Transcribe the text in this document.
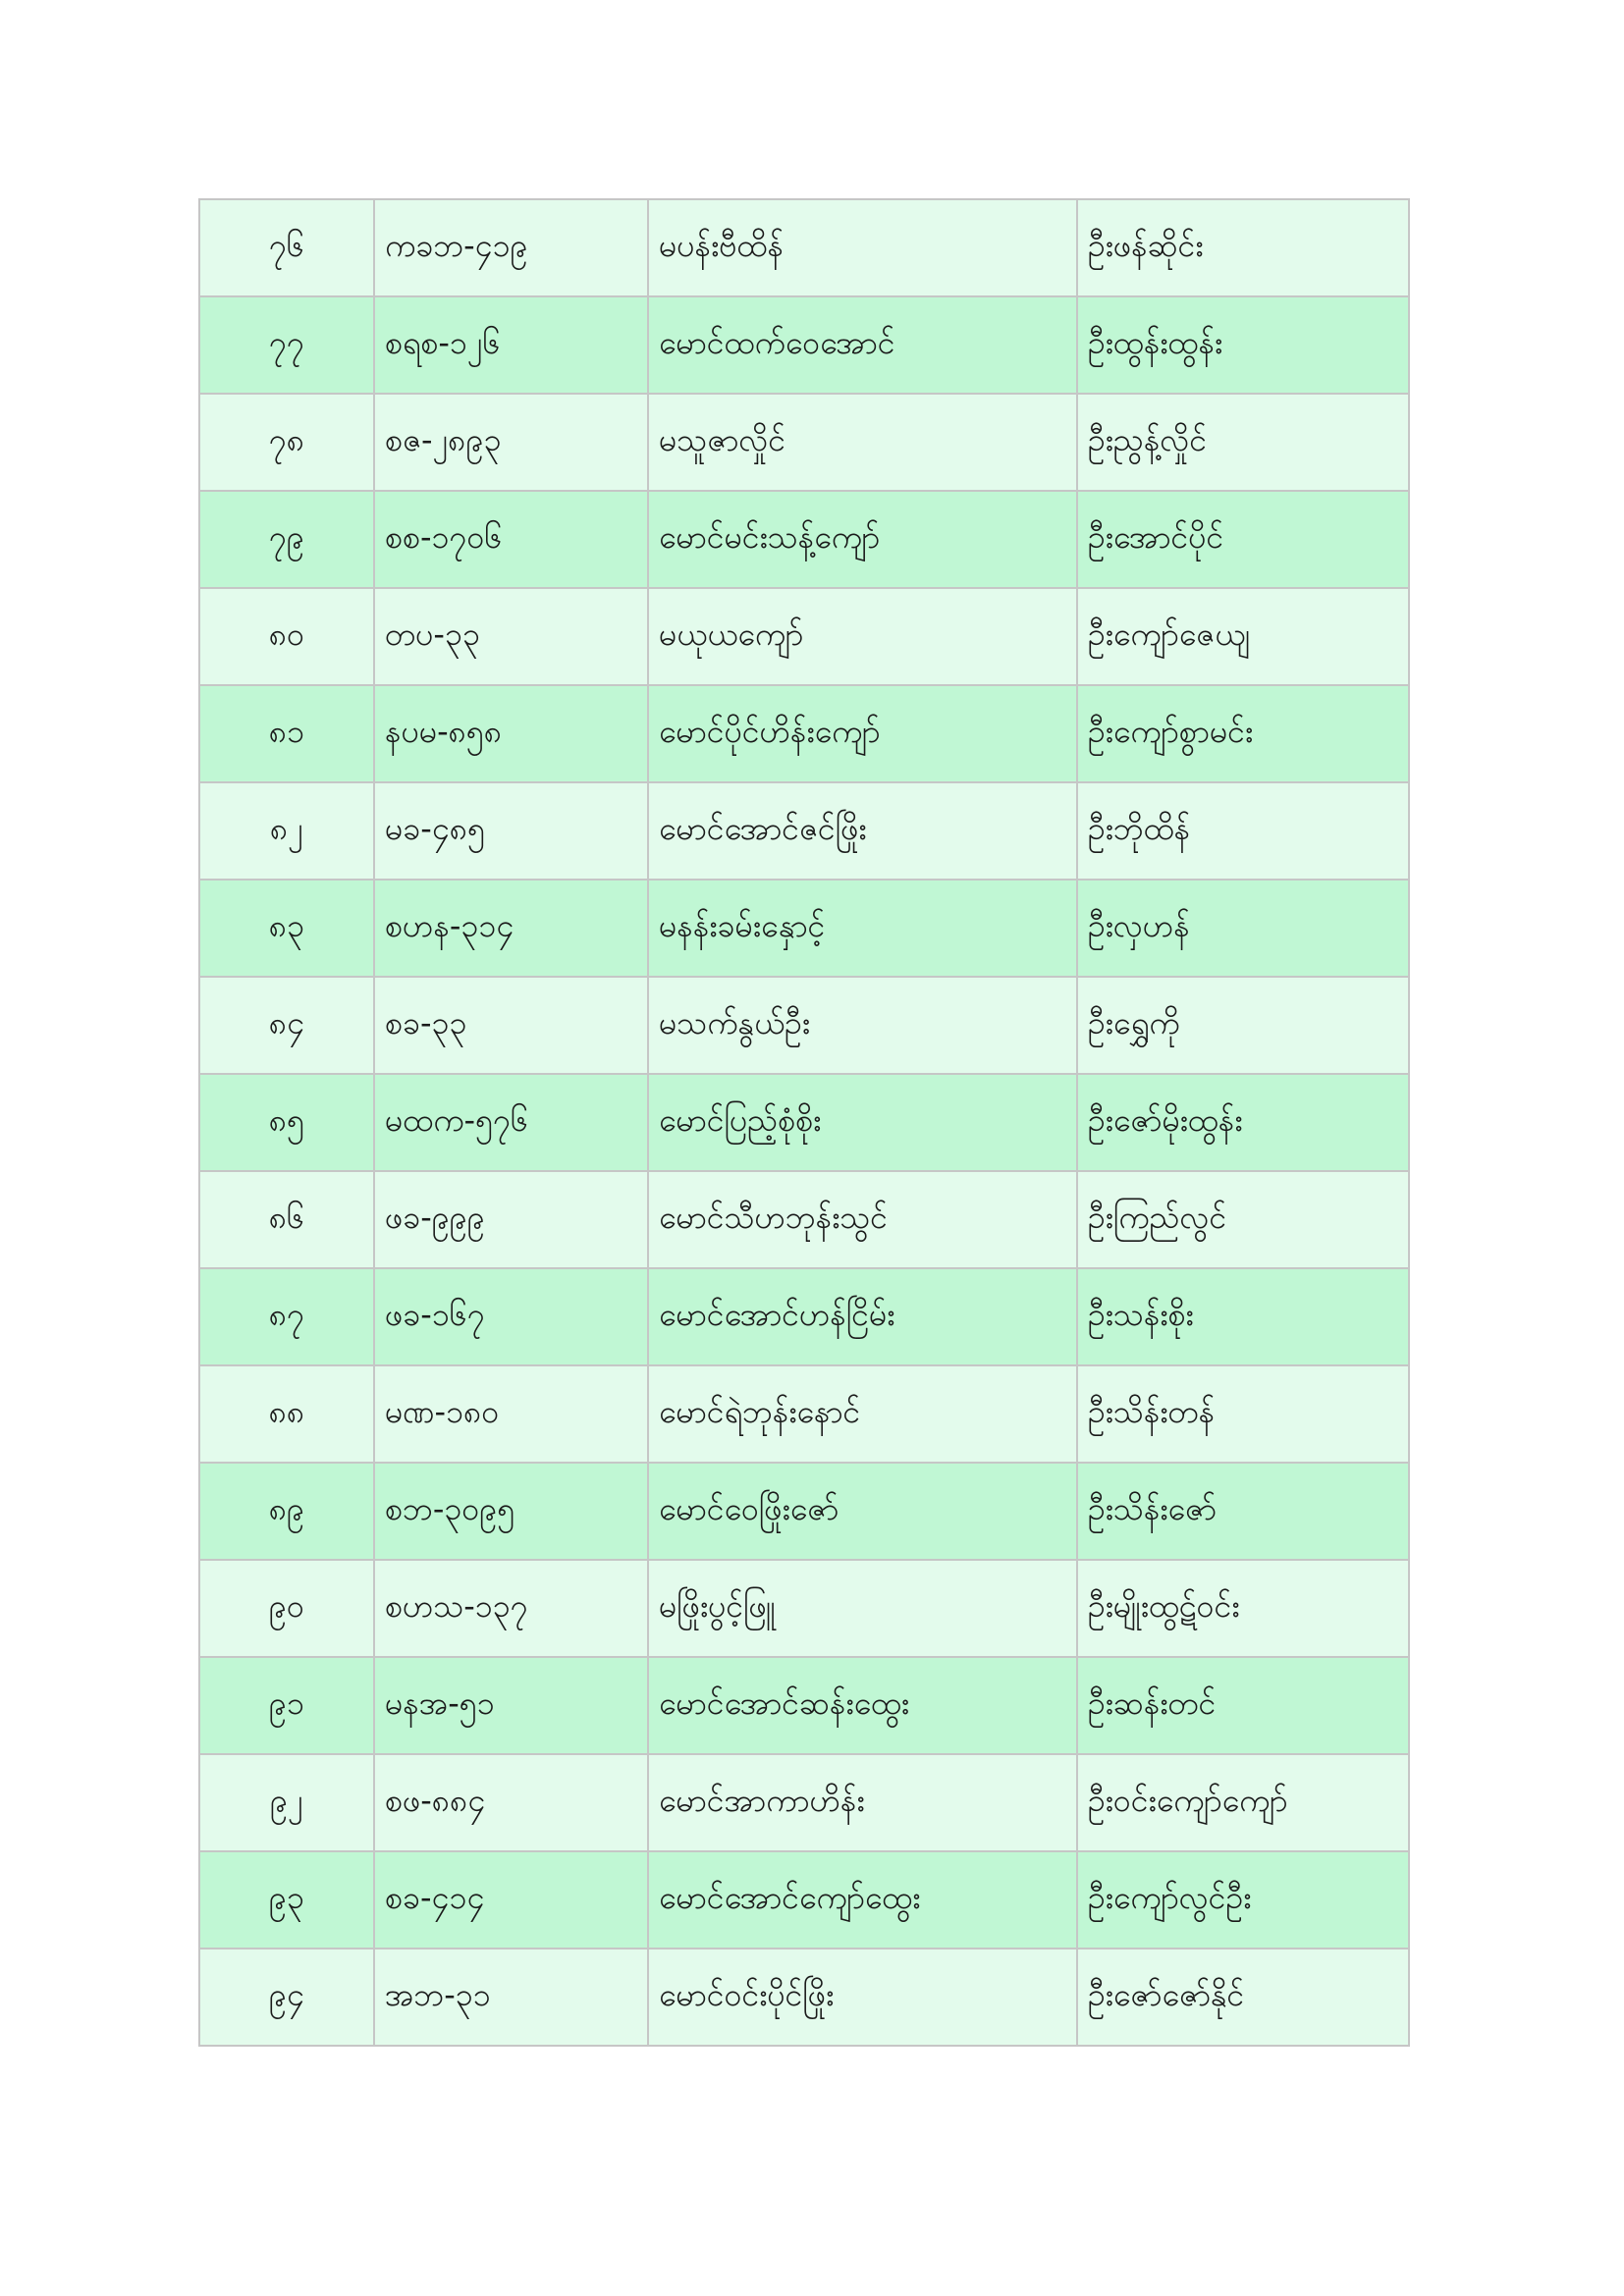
၇၆	ကခဘ-၄၁၉	မပန်းဗီထိန်	ဦးဖန်ဆိုင်း
၇၇	စရစ-၁၂၆	မောင်ထက်ဝေအောင်	ဦးထွန်းထွန်း
၇၈	စဇ-၂၈၉၃	မသူဇာလှိုင်	ဦးညွန့်လှိုင်
၇၉	စစ-၁၇၀၆	မောင်မင်းသန့်ကျော်	ဦးအောင်ပိုင်
၈၀	တပ-၃၃	မယုယကျော်	ဦးကျော်ဇေယျ
၈၁	နပမ-၈၅၈	မောင်ပိုင်ဟိန်းကျော်	ဦးကျော်စွာမင်း
၈၂	မခ-၄၈၅	မောင်အောင်ဇင်ဖြိုး	ဦးဘိုထိန်
၈၃	စဟန-၃၁၄	မနန်းခမ်းနှောင့်	ဦးလှဟန်
၈၄	စခ-၃၃	မသက်နွယ်ဦး	ဦးရွှေကို
၈၅	မထက-၅၇၆	မောင်ပြည့်စုံစိုး	ဦးဇော်မိုးထွန်း
၈၆	ဖခ-၉၉၉	မောင်သီဟဘုန်းသွင်	ဦးကြည်လွင်
၈၇	ဖခ-၁၆၇	မောင်အောင်ဟန်ငြိမ်း	ဦးသန်းစိုး
၈၈	မဏ-၁၈၀	မောင်ရဲဘုန်းနောင်	ဦးသိန်းတန်
၈၉	စဘ-၃၀၉၅	မောင်ဝေဖြိုးဇော်	ဦးသိန်းဇော်
၉၀	စဟသ-၁၃၇	မဖြိုးပွင့်ဖြူ	ဦးမျိုးထွဋ်ဝင်း
၉၁	မနအ-၅၁	မောင်အောင်ဆန်းထွေး	ဦးဆန်းတင်
၉၂	စဖ-၈၈၄	မောင်အာကာဟိန်း	ဦးဝင်းကျော်ကျော်
၉၃	စခ-၄၁၄	မောင်အောင်ကျော်ထွေး	ဦးကျော်လွင်ဦး
၉၄	အဘ-၃၁	မောင်ဝင်းပိုင်ဖြိုး	ဦးဇော်ဇော်နိုင်
